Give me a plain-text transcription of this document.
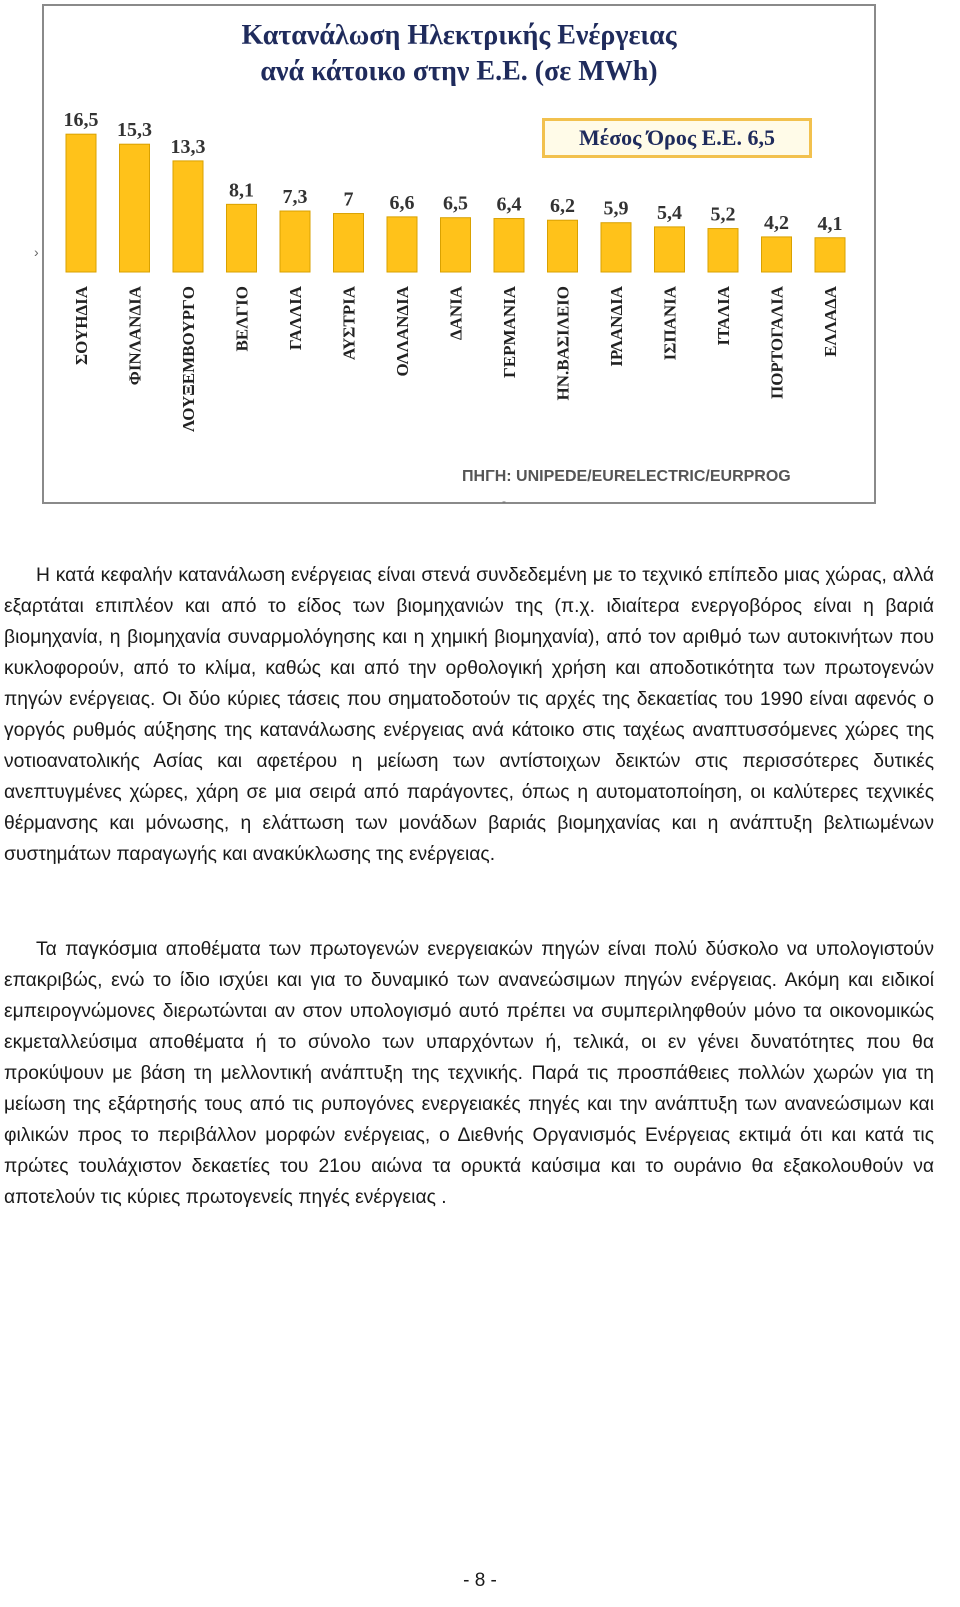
Κατανάλωση Ηλεκτρικής Ενέργειας
ανά κάτοικο στην Ε.Ε. (σε MWh)
Μέσος Όρος Ε.Ε. 6,5
16,5
ΣΟΥΗΔΙΑ
15,3
ΦΙΝΛΑΝΔΙΑ
13,3
ΛΟΥΞΕΜΒΟΥΡΓΟ
8,1
ΒΕΛΓΙΟ
7,3
ΓΑΛΛΙΑ
7
ΑΥΣΤΡΙΑ
6,6
ΟΛΛΑΝΔΙΑ
6,5
ΔΑΝΙΑ
6,4
ΓΕΡΜΑΝΙΑ
6,2
ΗΝ.ΒΑΣΙΛΕΙΟ
5,9
ΙΡΛΑΝΔΙΑ
5,4
ΙΣΠΑΝΙΑ
5,2
ΙΤΑΛΙΑ
4,2
ΠΟΡΤΟΓΑΛΙΑ
4,1
ΕΛΛΑΔΑ
ΠΗΓΗ: UNIPEDE/EURELECTRIC/EURPROG
-
›
Η κατά κεφαλήν κατανάλωση ενέργειας είναι στενά συνδεδεμένη με το τεχνικό επίπεδο μιας χώρας, αλλά εξαρτάται επιπλέον και από το είδος των βιομηχανιών της (π.χ. ιδιαίτερα ενεργοβόρος είναι η βαριά βιομηχανία, η βιομηχανία συναρμολόγησης και η χημική βιομηχανία), από τον αριθμό των αυτοκινήτων που κυκλοφορούν, από το κλίμα, καθώς και από την ορθολογική χρήση και αποδοτικότητα των πρωτογενών πηγών ενέργειας. Οι δύο κύριες τάσεις που σηματοδοτούν τις αρχές της δεκαετίας του 1990 είναι αφενός ο γοργός ρυθμός αύξησης της κατανάλωσης ενέργειας ανά κάτοικο στις ταχέως αναπτυσσόμενες χώρες της νοτιοανατολικής Ασίας και αφετέρου η μείωση των αντίστοιχων δεικτών στις περισσότερες δυτικές ανεπτυγμένες χώρες, χάρη σε μια σειρά από παράγοντες, όπως η αυτοματοποίηση, οι καλύτερες τεχνικές θέρμανσης και μόνωσης, η ελάττωση των μονάδων βαριάς βιομηχανίας και η ανάπτυξη βελτιωμένων συστημάτων παραγωγής και ανακύκλωσης της ενέργειας.
Τα παγκόσμια αποθέματα των πρωτογενών ενεργειακών πηγών είναι πολύ δύσκολο να υπολογιστούν επακριβώς, ενώ το ίδιο ισχύει και για το δυναμικό των ανανεώσιμων πηγών ενέργειας. Ακόμη και ειδικοί εμπειρογνώμονες διερωτώνται αν στον υπολογισμό αυτό πρέπει να συμπεριληφθούν μόνο τα οικονομικώς εκμεταλλεύσιμα αποθέματα ή το σύνολο των υπαρχόντων ή, τελικά, οι εν γένει δυνατότητες που θα προκύψουν με βάση τη μελλοντική ανάπτυξη της τεχνικής. Παρά τις προσπάθειες πολλών χωρών για τη μείωση της εξάρτησής τους από τις ρυπογόνες ενεργειακές πηγές και την ανάπτυξη των ανανεώσιμων και φιλικών προς το περιβάλλον μορφών ενέργειας, ο Διεθνής Οργανισμός Ενέργειας εκτιμά ότι και κατά τις πρώτες τουλάχιστον δεκαετίες του 21ου αιώνα τα ορυκτά καύσιμα και το ουράνιο θα εξακολουθούν να αποτελούν τις κύριες πρωτογενείς πηγές ενέργειας .
- 8 -
